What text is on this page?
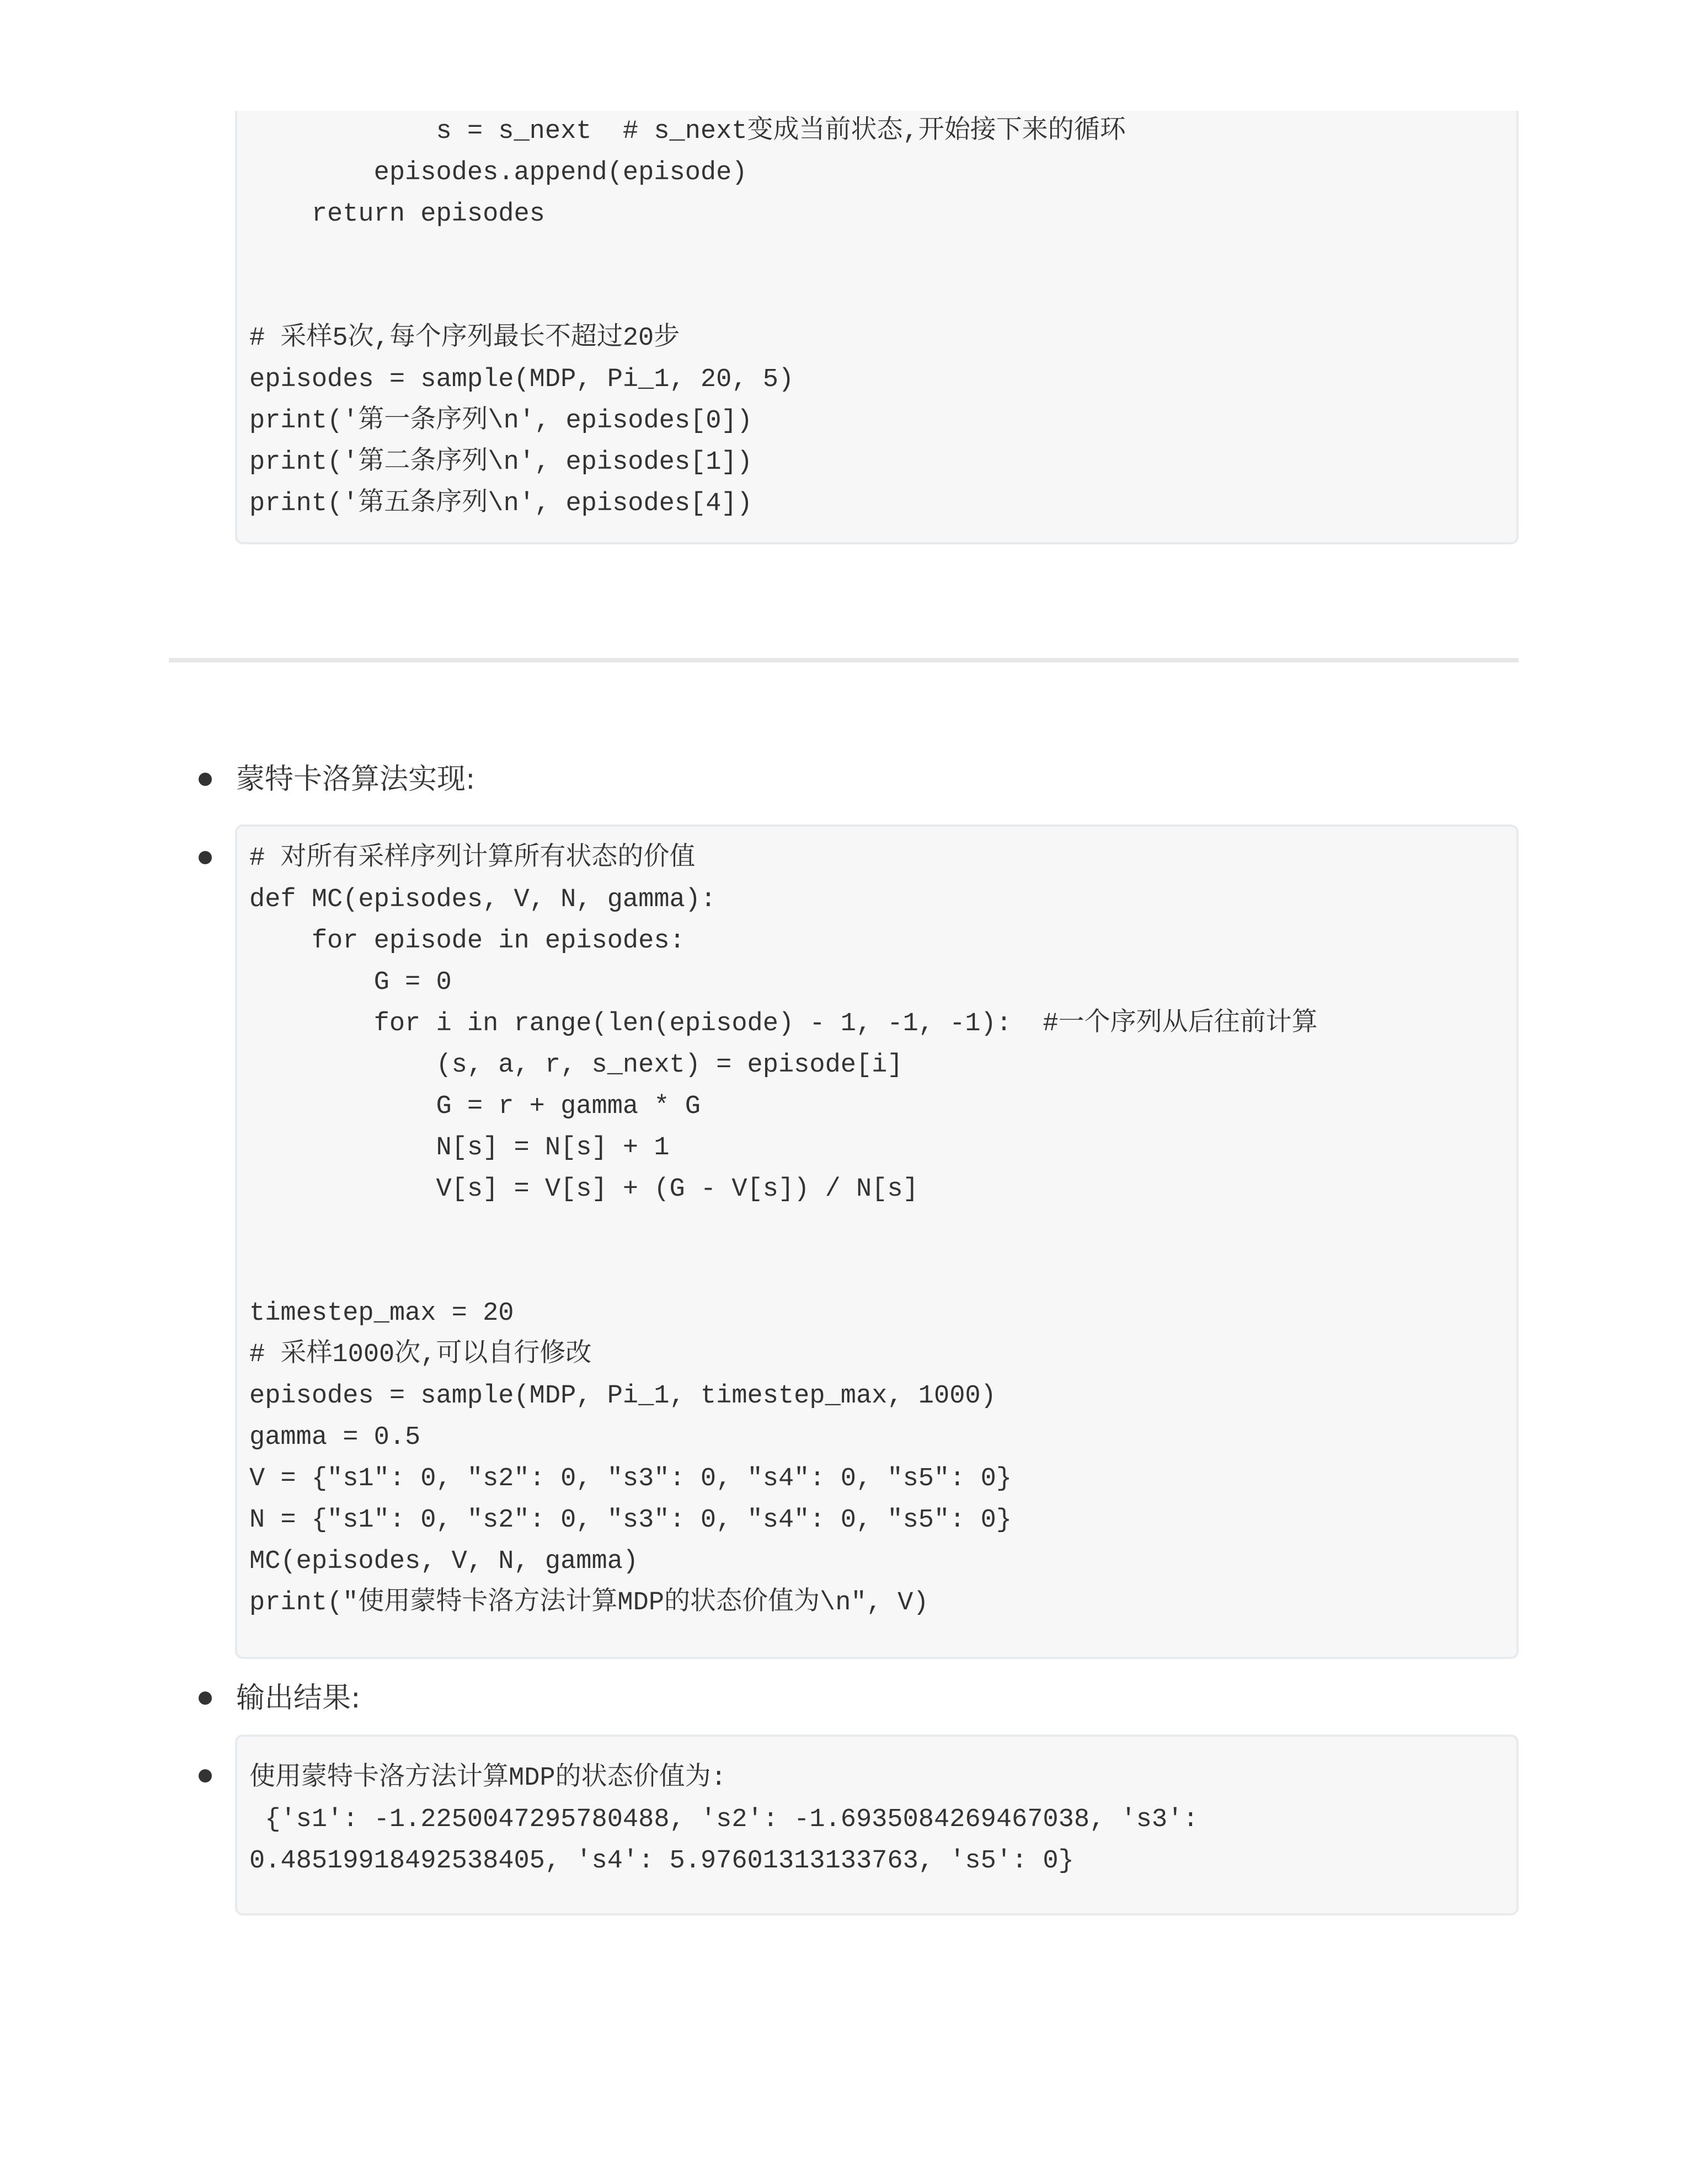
s = s_next  # s_next变成当前状态,开始接下来的循环
episodes.append(episode)
return episodes
# 采样5次,每个序列最长不超过20步
episodes = sample(MDP, Pi_1, 20, 5)
print('第一条序列\n', episodes[0])
print('第二条序列\n', episodes[1])
print('第五条序列\n', episodes[4])
蒙特卡洛算法实现:
# 对所有采样序列计算所有状态的价值
def MC(episodes, V, N, gamma):
for episode in episodes:
G = 0
for i in range(len(episode) - 1, -1, -1):  #一个序列从后往前计算
(s, a, r, s_next) = episode[i]
G = r + gamma * G
N[s] = N[s] + 1
V[s] = V[s] + (G - V[s]) / N[s]
timestep_max = 20
# 采样1000次,可以自行修改
episodes = sample(MDP, Pi_1, timestep_max, 1000)
gamma = 0.5
V = {"s1": 0, "s2": 0, "s3": 0, "s4": 0, "s5": 0}
N = {"s1": 0, "s2": 0, "s3": 0, "s4": 0, "s5": 0}
MC(episodes, V, N, gamma)
print("使用蒙特卡洛方法计算MDP的状态价值为\n", V)
输出结果:
使用蒙特卡洛方法计算MDP的状态价值为:
{'s1': -1.2250047295780488, 's2': -1.6935084269467038, 's3':
0.48519918492538405, 's4': 5.97601313133763, 's5': 0}
